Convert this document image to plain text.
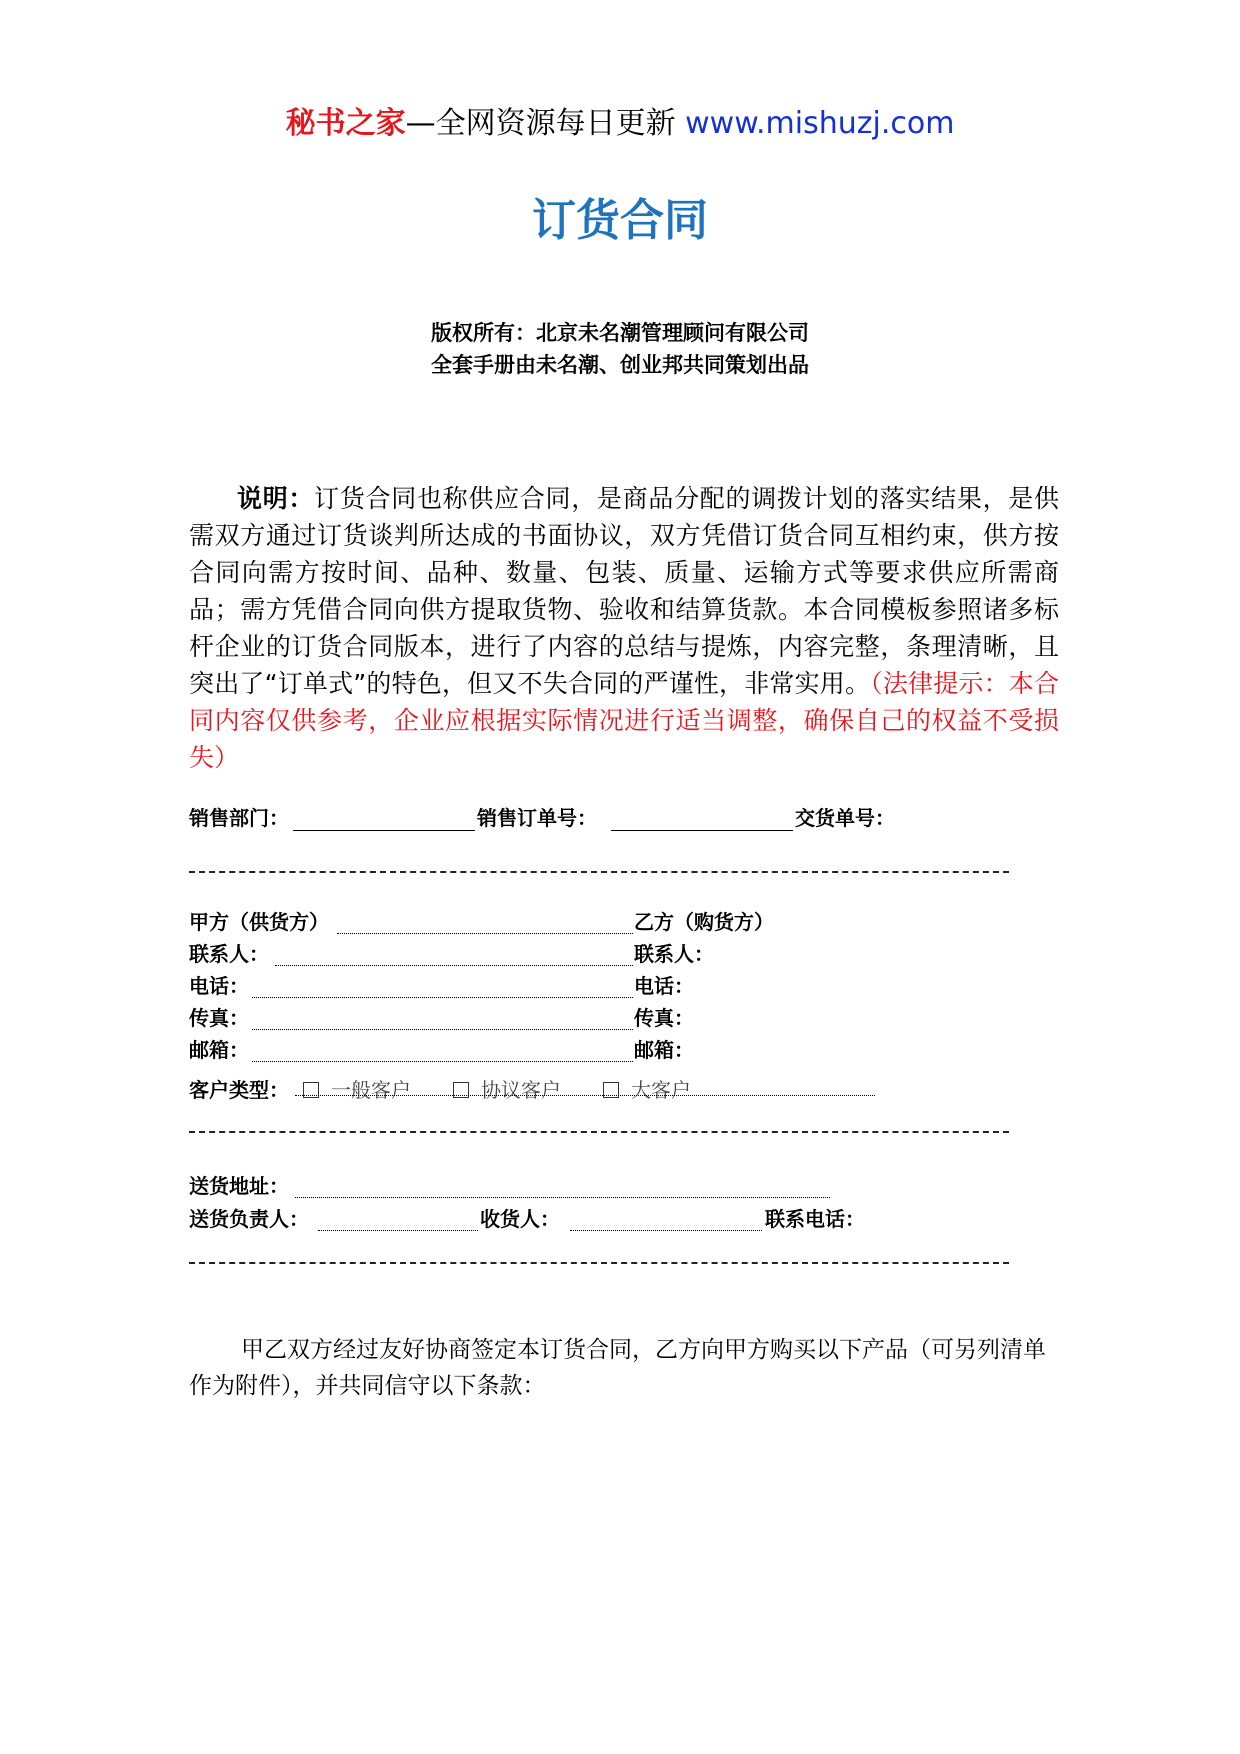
秘书之家—全网资源每日更新 www.mishuzj.com
订货合同
版权所有：北京未名潮管理顾问有限公司
全套手册由未名潮、创业邦共同策划出品
说明：订货合同也称供应合同，是商品分配的调拨计划的落实结果，是供需双方通过订货谈判所达成的书面协议，双方凭借订货合同互相约束，供方按合同向需方按时间、品种、数量、包装、质量、运输方式等要求供应所需商品；需方凭借合同向供方提取货物、验收和结算货款。本合同模板参照诸多标杆企业的订货合同版本，进行了内容的总结与提炼，内容完整，条理清晰，且突出了“订单式”的特色，但又不失合同的严谨性，非常实用。（法律提示：本合同内容仅供参考，企业应根据实际情况进行适当调整，确保自己的权益不受损失）
销售部门：	销售订单号：	交货单号：
甲方（供货方）	乙方（购货方）
联系人：	联系人：
电话：	电话：
传真：	传真：
邮箱：	邮箱：
客户类型： 一般客户	协议客户	大客户
送货地址：
送货负责人：	收货人：	联系电话：
甲乙双方经过友好协商签定本订货合同，乙方向甲方购买以下产品（可另列清单作为附件），并共同信守以下条款：
